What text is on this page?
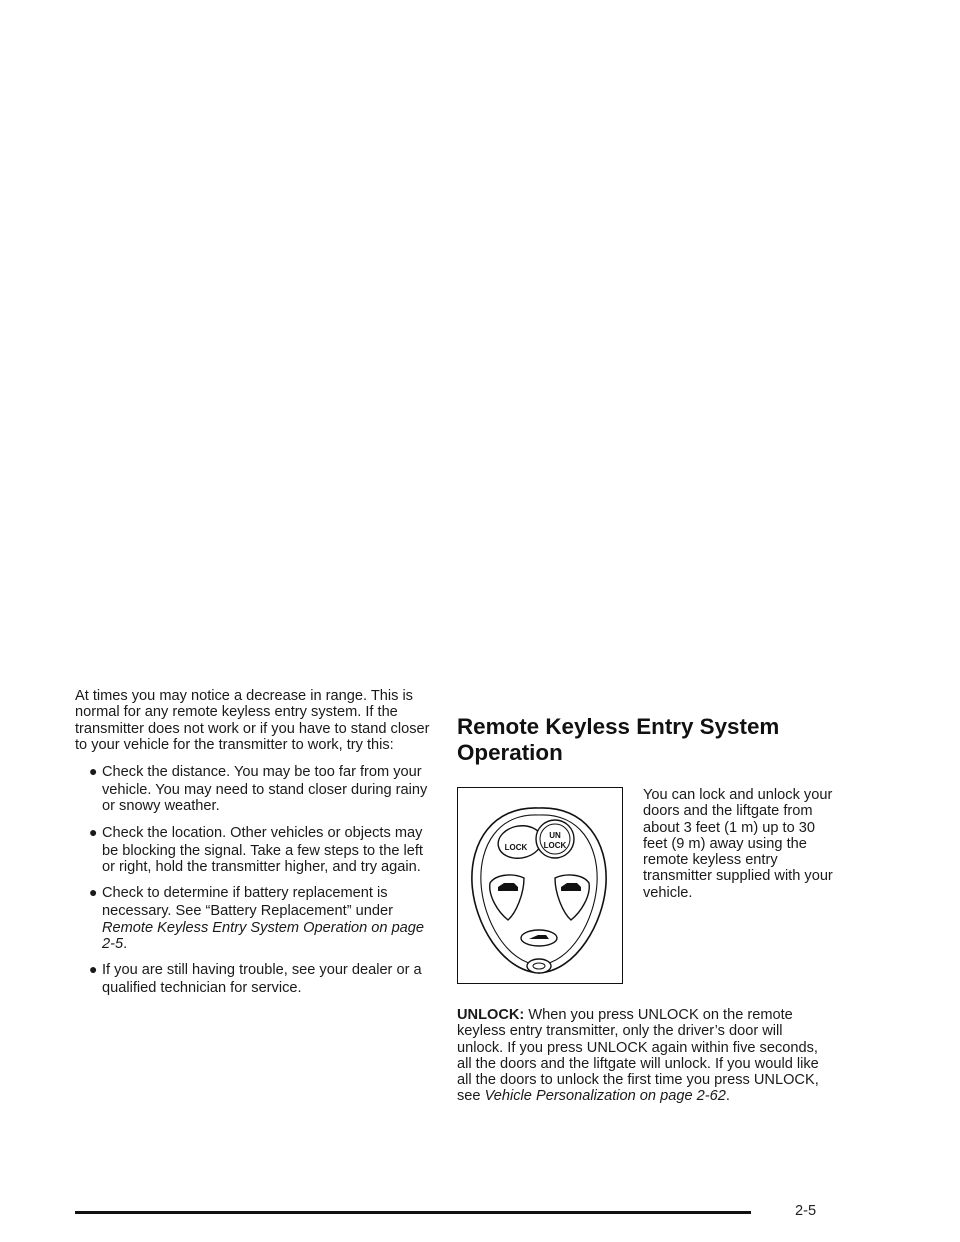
At times you may notice a decrease in range. This is normal for any remote keyless entry system. If the transmitter does not work or if you have to stand closer to your vehicle for the transmitter to work, try this:

● Check the distance. You may be too far from your
vehicle. You may need to stand closer during rainy or snowy weather.
● Check the location. Other vehicles or objects may
be blocking the signal. Take a few steps to the left or right, hold the transmitter higher, and try again.
● Check to determine if battery replacement is
necessary. See “Battery Replacement” under
Remote Keyless Entry System Operation on page 2-5.
● If you are still having trouble, see your dealer or a
qualified technician for service.
Remote Keyless Entry System
Operation
LOCK
UN
LOCK

You can lock and unlock your doors and the liftgate from about 3 feet (1 m) up to 30 feet (9 m) away using the remote keyless entry transmitter supplied with your vehicle.

UNLOCK: When you press UNLOCK on the remote keyless entry transmitter, only the driver’s door will unlock. If you press UNLOCK again within five seconds, all the doors and the liftgate will unlock. If you would like all the doors to unlock the first time you press UNLOCK, see Vehicle Personalization on page 2-62.

2-5
